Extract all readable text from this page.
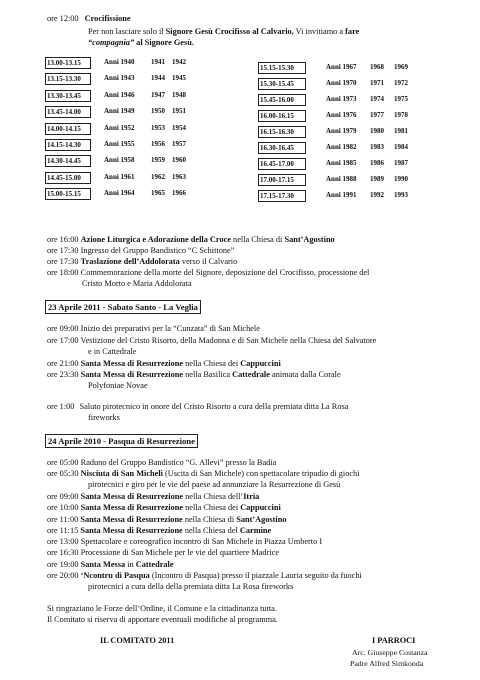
ore 12:00 Crocifissione
Per non lasciare solo il Signore Gesù Crocifisso al Calvario, Vi invitiamo a fare
“compagnia” al Signore Gesù.
13.00-13.15	Anni 1940 1941 1942
13.15-13.30	Anni 1943 1944 1945
13.30-13.45	Anni 1946 1947 1948
13.45-14.00	Anni 1949 1950 1951
14.00-14.15	Anni 1952 1953 1954
14.15-14.30	Anni 1955 1956 1957
14.30-14.45	Anni 1958 1959 1960
14.45-15.00	Anni 1961 1962 1963
15.00-15.15	Anni 1964 1965 1966
15.15-15.30	Anni 1967 1968 1969
15.30-15.45	Anni 1970 1971 1972
15.45-16.00	Anni 1973 1974 1975
16.00-16.15	Anni 1976 1977 1978
16.15-16.30	Anni 1979 1980 1981
16.30-16.45	Anni 1982 1983 1984
16.45-17.00	Anni 1985 1986 1987
17.00-17.15	Anni 1988 1989 1990
17.15-17.30	Anni 1991 1992 1993
ore 16:00 Azione Liturgica e Adorazione della Croce nella Chiesa di Sant’Agostino
ore 17:30 Ingresso del Gruppo Bandistico “C Schittone”
ore 17:30 Traslazione dell’Addolorata verso il Calvario
ore 18:00 Commemorazione della morte del Signore, deposizione del Crocifisso, processione del
Cristo Morto e Maria Addolorata
23 Aprile 2011 - Sabato Santo - La Veglia
ore 09:00 Inizio dei preparativi per la “Cunzata” di San Michele
ore 17:00 Vestizione del Cristo Risorto, della Madonna e di San Michele nella Chiesa del Salvatore
e in Cattedrale
ore 21:00 Santa Messa di Resurrezione nella Chiesa dei Cappuccini
ore 23:30 Santa Messa di Resurrezione nella Basilica Cattedrale animata dalla Corale
Polyfoniae Novae
ore 1:00 Saluto pirotecnico in onore del Cristo Risorto a cura della premiata ditta La Rosa
fireworks
24 Aprile 2010 - Pasqua di Resurrezione
ore 05:00 Raduno del Gruppo Bandistico “G. Allevi” presso la Badia
ore 05:30 Nisciuta di San Micheli (Uscita di San Michele) con spettacolare tripudio di giochi
pirotecnici e giro per le vie del paese ad annunziare la Resurrezione di Gesù
ore 09:00 Santa Messa di Resurrezione nella Chiesa dell’Itria
ore 10:00 Santa Messa di Resurrezione nella Chiesa dei Cappuccini
ore 11:00 Santa Messa di Resurrezione nella Chiesa di Sant’Agostino
ore 11:15 Santa Messa di Resurrezione nella Chiesa del Carmine
ore 13:00 Spettacolare e coreografico incontro di San Michele in Piazza Umberto I
ore 16:30 Processione di San Michele per le vie del quartiere Madrice
ore 19:00 Santa Messa in Cattedrale
ore 20:00 ‘Ncontru di Pasqua (Incontro di Pasqua) presso il piazzale Lauria seguito da fuochi
pirotecnici a cura della della premiata ditta La Rosa fireworks
Si ringraziano le Forze dell’Ordine, il Comune e la cittadinanza tutta.
Il Comitato si riserva di apportare eventuali modifiche al programma.
IL COMITATO 2011	I PARROCI
Arc. Giuseppe Costanza
Padre Alfred Simkonda
